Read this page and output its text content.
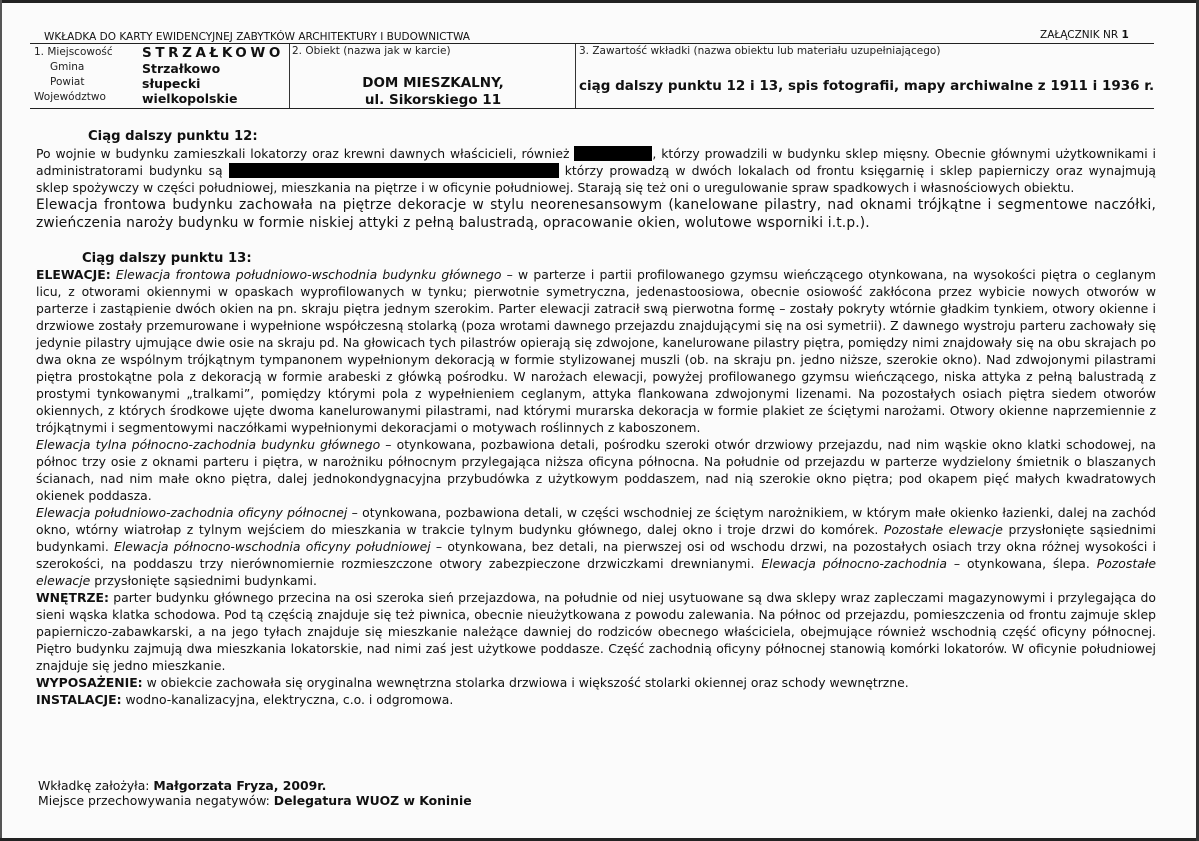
WKŁADKA DO KARTY EWIDENCYJNEJ ZABYTKÓW ARCHITEKTURY I BUDOWNICTWA	ZAŁĄCZNIK NR 1
1. Miejscowość STRZAŁKOWO
Gmina	Strzałkowo
Powiat	słupecki
Województwo	wielkopolskie
2. Obiekt (nazwa jak w karcie)
DOM MIESZKALNY,
ul. Sikorskiego 11
3. Zawartość wkładki (nazwa obiektu lub materiału uzupełniającego)
ciąg dalszy punktu 12 i 13, spis fotografii, mapy archiwalne z 1911 i 1936 r.
Ciąg dalszy punktu 12:

Po wojnie w budynku zamieszkali lokatorzy oraz krewni dawnych właścicieli, również	, którzy prowadzili w budynku sklep mięsny. Obecnie głównymi użytkownikami i administratorami budynku są	którzy prowadzą w dwóch lokalach od frontu księgarnię i sklep papierniczy oraz wynajmują sklep spożywczy w części południowej, mieszkania na piętrze i w oficynie południowej. Starają się też oni o uregulowanie spraw spadkowych i własnościowych obiektu.

Elewacja frontowa budynku zachowała na piętrze dekoracje w stylu neorenesansowym (kanelowane pilastry, nad oknami trójkątne i segmentowe naczółki, zwieńczenia naroży budynku w formie niskiej attyki z pełną balustradą, opracowanie okien, wolutowe wsporniki i.t.p.).

Ciąg dalszy punktu 13:

ELEWACJE: Elewacja frontowa południowo-wschodnia budynku głównego – w parterze i partii profilowanego gzymsu wieńczącego otynkowana, na wysokości piętra o ceglanym licu, z otworami okiennymi w opaskach wyprofilowanych w tynku; pierwotnie symetryczna, jedenastoosiowa, obecnie osiowość zakłócona przez wybicie nowych otworów w parterze i zastąpienie dwóch okien na pn. skraju piętra jednym szerokim. Parter elewacji zatracił swą pierwotna formę – zostały pokryty wtórnie gładkim tynkiem, otwory okienne i drzwiowe zostały przemurowane i wypełnione współczesną stolarką (poza wrotami dawnego przejazdu znajdującymi się na osi symetrii). Z dawnego wystroju parteru zachowały się jedynie pilastry ujmujące dwie osie na skraju pd. Na głowicach tych pilastrów opierają się zdwojone, kanelurowane pilastry piętra, pomiędzy nimi znajdowały się na obu skrajach po dwa okna ze wspólnym trójkątnym tympanonem wypełnionym dekoracją w formie stylizowanej muszli (ob. na skraju pn. jedno niższe, szerokie okno). Nad zdwojonymi pilastrami piętra prostokątne pola z dekoracją w formie arabeski z główką pośrodku. W narożach elewacji, powyżej profilowanego gzymsu wieńczącego, niska attyka z pełną balustradą z prostymi tynkowanymi „tralkami”, pomiędzy którymi pola z wypełnieniem ceglanym, attyka flankowana zdwojonymi lizenami. Na pozostałych osiach piętra siedem otworów okiennych, z których środkowe ujęte dwoma kanelurowanymi pilastrami, nad którymi murarska dekoracja w formie plakiet ze ściętymi narożami. Otwory okienne naprzemiennie z trójkątnymi i segmentowymi naczółkami wypełnionymi dekoracjami o motywach roślinnych z kaboszonem.

Elewacja tylna północno-zachodnia budynku głównego – otynkowana, pozbawiona detali, pośrodku szeroki otwór drzwiowy przejazdu, nad nim wąskie okno klatki schodowej, na północ trzy osie z oknami parteru i piętra, w narożniku północnym przylegająca niższa oficyna północna. Na południe od przejazdu w parterze wydzielony śmietnik o blaszanych ścianach, nad nim małe okno piętra, dalej jednokondygnacyjna przybudówka z użytkowym poddaszem, nad nią szerokie okno piętra; pod okapem pięć małych kwadratowych okienek poddasza.

Elewacja południowo-zachodnia oficyny północnej – otynkowana, pozbawiona detali, w części wschodniej ze ściętym narożnikiem, w którym małe okienko łazienki, dalej na zachód okno, wtórny wiatrołap z tylnym wejściem do mieszkania w trakcie tylnym budynku głównego, dalej okno i troje drzwi do komórek. Pozostałe elewacje przysłonięte sąsiednimi budynkami. Elewacja północno-wschodnia oficyny południowej – otynkowana, bez detali, na pierwszej osi od wschodu drzwi, na pozostałych osiach trzy okna różnej wysokości i szerokości, na poddaszu trzy nierównomiernie rozmieszczone otwory zabezpieczone drzwiczkami drewnianymi. Elewacja północno-zachodnia – otynkowana, ślepa. Pozostałe elewacje przysłonięte sąsiednimi budynkami.

WNĘTRZE: parter budynku głównego przecina na osi szeroka sień przejazdowa, na południe od niej usytuowane są dwa sklepy wraz zapleczami magazynowymi i przylegająca do sieni wąska klatka schodowa. Pod tą częścią znajduje się też piwnica, obecnie nieużytkowana z powodu zalewania. Na północ od przejazdu, pomieszczenia od frontu zajmuje sklep papierniczo-zabawkarski, a na jego tyłach znajduje się mieszkanie należące dawniej do rodziców obecnego właściciela, obejmujące również wschodnią część oficyny północnej. Piętro budynku zajmują dwa mieszkania lokatorskie, nad nimi zaś jest użytkowe poddasze. Część zachodnią oficyny północnej stanowią komórki lokatorów. W oficynie południowej znajduje się jedno mieszkanie.

WYPOSAŻENIE: w obiekcie zachowała się oryginalna wewnętrzna stolarka drzwiowa i większość stolarki okiennej oraz schody wewnętrzne.

INSTALACJE: wodno-kanalizacyjna, elektryczna, c.o. i odgromowa.

Wkładkę założyła: Małgorzata Fryza, 2009r.
Miejsce przechowywania negatywów: Delegatura WUOZ w Koninie
